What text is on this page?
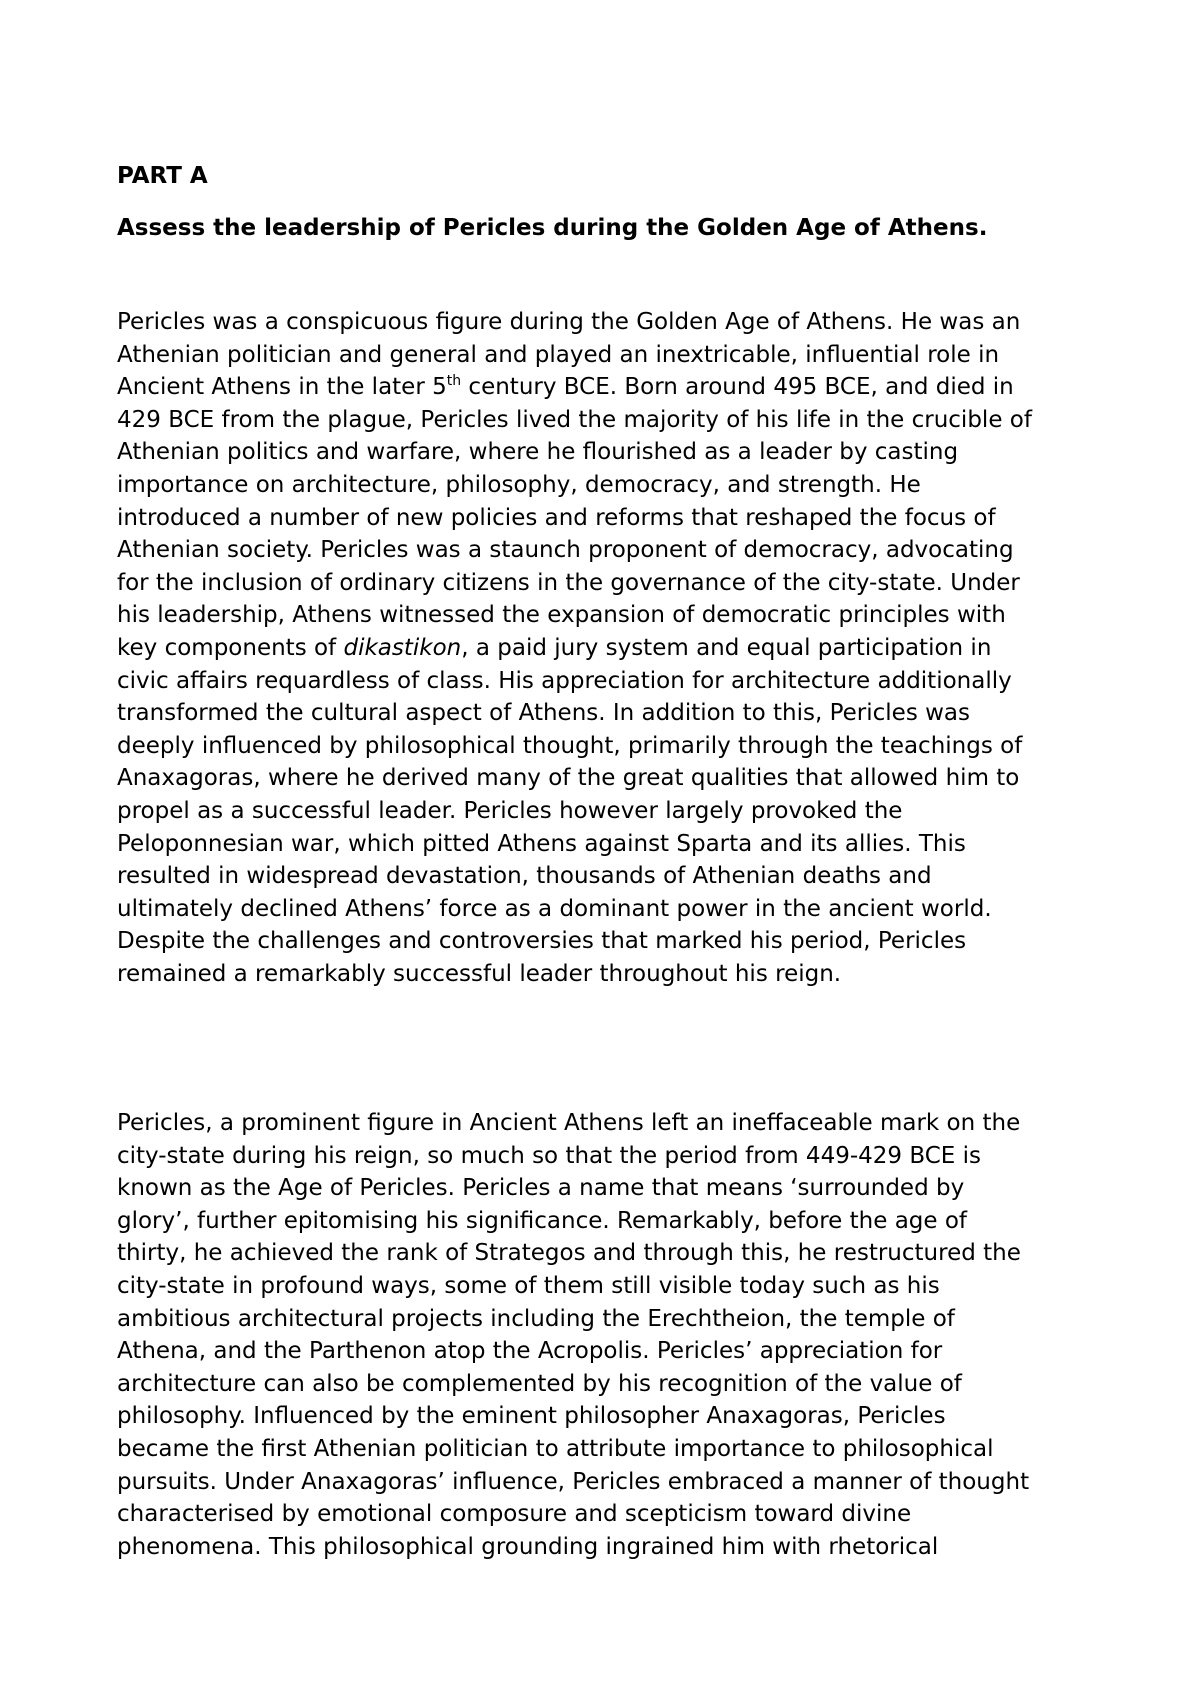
PART A
Assess the leadership of Pericles during the Golden Age of Athens.

Pericles was a conspicuous figure during the Golden Age of Athens. He was an
Athenian politician and general and played an inextricable, influential role in
Ancient Athens in the later 5th century BCE. Born around 495 BCE, and died in
429 BCE from the plague, Pericles lived the majority of his life in the crucible of
Athenian politics and warfare, where he flourished as a leader by casting
importance on architecture, philosophy, democracy, and strength. He
introduced a number of new policies and reforms that reshaped the focus of
Athenian society. Pericles was a staunch proponent of democracy, advocating
for the inclusion of ordinary citizens in the governance of the city-state. Under
his leadership, Athens witnessed the expansion of democratic principles with
key components of dikastikon, a paid jury system and equal participation in
civic affairs requardless of class. His appreciation for architecture additionally
transformed the cultural aspect of Athens. In addition to this, Pericles was
deeply influenced by philosophical thought, primarily through the teachings of
Anaxagoras, where he derived many of the great qualities that allowed him to
propel as a successful leader. Pericles however largely provoked the
Peloponnesian war, which pitted Athens against Sparta and its allies. This
resulted in widespread devastation, thousands of Athenian deaths and
ultimately declined Athens’ force as a dominant power in the ancient world.
Despite the challenges and controversies that marked his period, Pericles
remained a remarkably successful leader throughout his reign.

Pericles, a prominent figure in Ancient Athens left an ineffaceable mark on the
city-state during his reign, so much so that the period from 449-429 BCE is
known as the Age of Pericles. Pericles a name that means ‘surrounded by
glory’, further epitomising his significance. Remarkably, before the age of
thirty, he achieved the rank of Strategos and through this, he restructured the
city-state in profound ways, some of them still visible today such as his
ambitious architectural projects including the Erechtheion, the temple of
Athena, and the Parthenon atop the Acropolis. Pericles’ appreciation for
architecture can also be complemented by his recognition of the value of
philosophy. Influenced by the eminent philosopher Anaxagoras, Pericles
became the first Athenian politician to attribute importance to philosophical
pursuits. Under Anaxagoras’ influence, Pericles embraced a manner of thought
characterised by emotional composure and scepticism toward divine
phenomena. This philosophical grounding ingrained him with rhetorical
